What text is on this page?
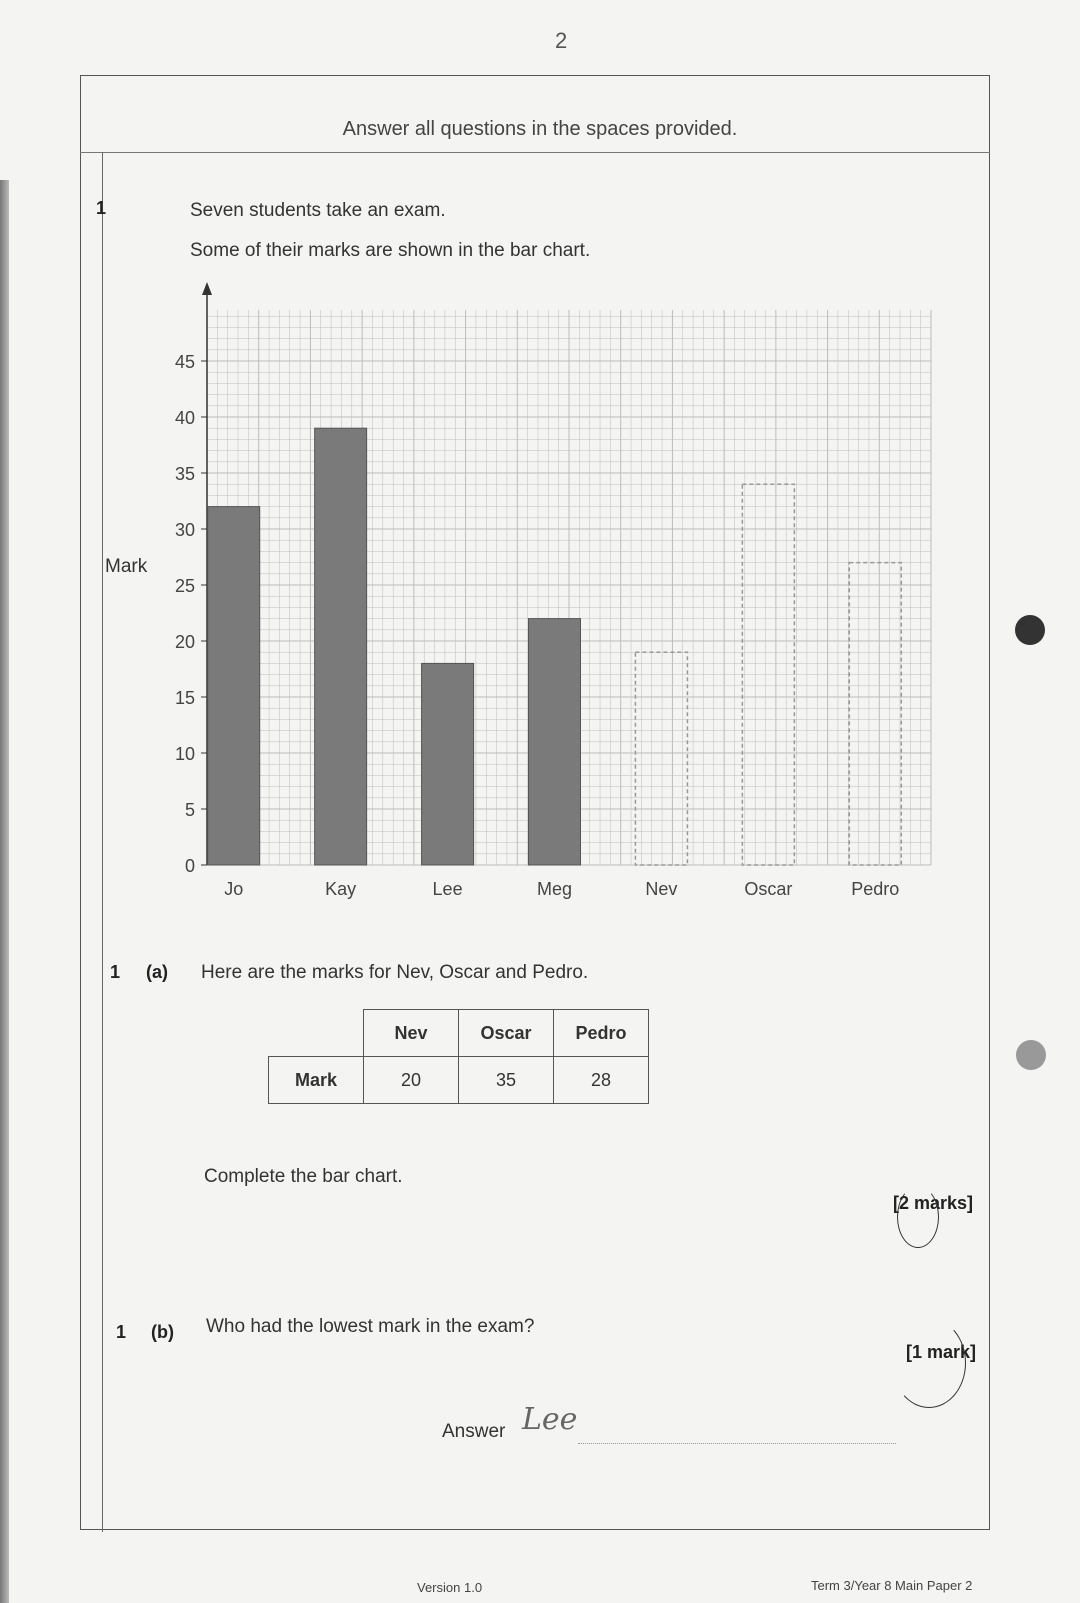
2
Answer all questions in the spaces provided.
1	Seven students take an exam.
Some of their marks are shown in the bar chart.
0
5
10
15
20
25
30
35
40
45
Mark
Jo	Kay	Lee	Meg	Nev	Oscar	Pedro
1 (a) Here are the marks for Nev, Oscar and Pedro.
	Nev	Oscar	Pedro
Mark	20	35	28
Complete the bar chart.
[2 marks]
1 (b) Who had the lowest mark in the exam?
[1 mark]
Answer Lee
Version 1.0	Term 3/Year 8 Main Paper 2
